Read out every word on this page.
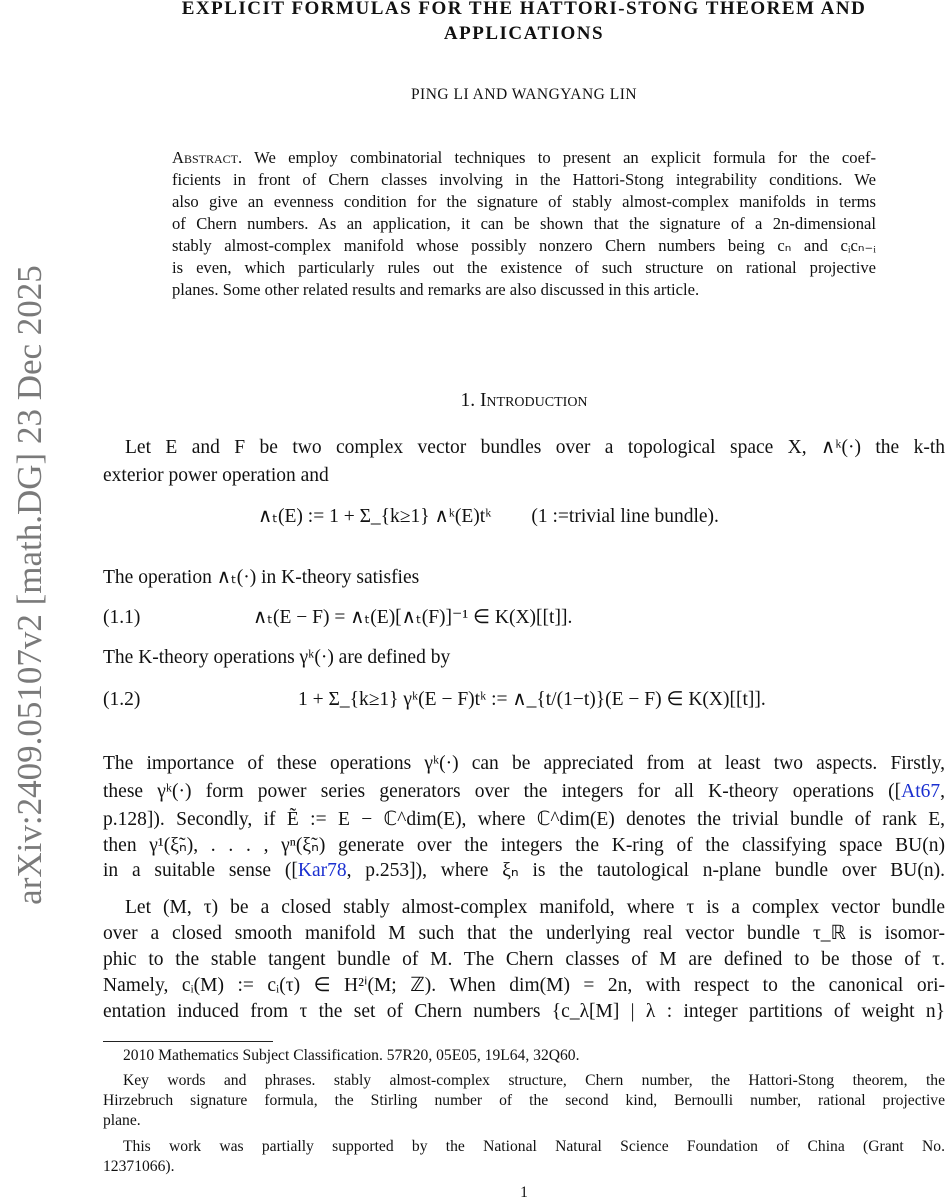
arXiv:2409.05107v2 [math.DG] 23 Dec 2025
EXPLICIT FORMULAS FOR THE HATTORI-STONG THEOREM AND
APPLICATIONS
PING LI AND WANGYANG LIN
Abstract. We employ combinatorial techniques to present an explicit formula for the coef-
ficients in front of Chern classes involving in the Hattori-Stong integrability conditions. We
also give an evenness condition for the signature of stably almost-complex manifolds in terms
of Chern numbers. As an application, it can be shown that the signature of a 2n-dimensional
stably almost-complex manifold whose possibly nonzero Chern numbers being cₙ and cᵢcₙ₋ᵢ
is even, which particularly rules out the existence of such structure on rational projective
planes. Some other related results and remarks are also discussed in this article.
1. Introduction
Let E and F be two complex vector bundles over a topological space X, ∧ᵏ(·) the k-th
exterior power operation and
∧ₜ(E) := 1 + Σ_{k≥1} ∧ᵏ(E)tᵏ (1 :=trivial line bundle).
The operation ∧ₜ(·) in K-theory satisfies
(1.1)	∧ₜ(E − F) = ∧ₜ(E)[∧ₜ(F)]⁻¹ ∈ K(X)[[t]].
The K-theory operations γᵏ(·) are defined by
(1.2)	1 + Σ_{k≥1} γᵏ(E − F)tᵏ := ∧_{t/(1−t)}(E − F) ∈ K(X)[[t]].
The importance of these operations γᵏ(·) can be appreciated from at least two aspects. Firstly,
these γᵏ(·) form power series generators over the integers for all K-theory operations ([At67,
p.128]). Secondly, if Ẽ := E − ℂ^dim(E), where ℂ^dim(E) denotes the trivial bundle of rank E,
then γ¹(ξ̃ₙ), . . . , γⁿ(ξ̃ₙ) generate over the integers the K-ring of the classifying space BU(n)
in a suitable sense ([Kar78, p.253]), where ξₙ is the tautological n-plane bundle over BU(n).
Let (M, τ) be a closed stably almost-complex manifold, where τ is a complex vector bundle
over a closed smooth manifold M such that the underlying real vector bundle τ_ℝ is isomor-
phic to the stable tangent bundle of M. The Chern classes of M are defined to be those of τ.
Namely, cᵢ(M) := cᵢ(τ) ∈ H²ⁱ(M; ℤ). When dim(M) = 2n, with respect to the canonical ori-
entation induced from τ the set of Chern numbers {c_λ[M] | λ : integer partitions of weight n}
2010 Mathematics Subject Classification. 57R20, 05E05, 19L64, 32Q60.
Key words and phrases. stably almost-complex structure, Chern number, the Hattori-Stong theorem, the
Hirzebruch signature formula, the Stirling number of the second kind, Bernoulli number, rational projective
plane.
This work was partially supported by the National Natural Science Foundation of China (Grant No.
12371066).
1
